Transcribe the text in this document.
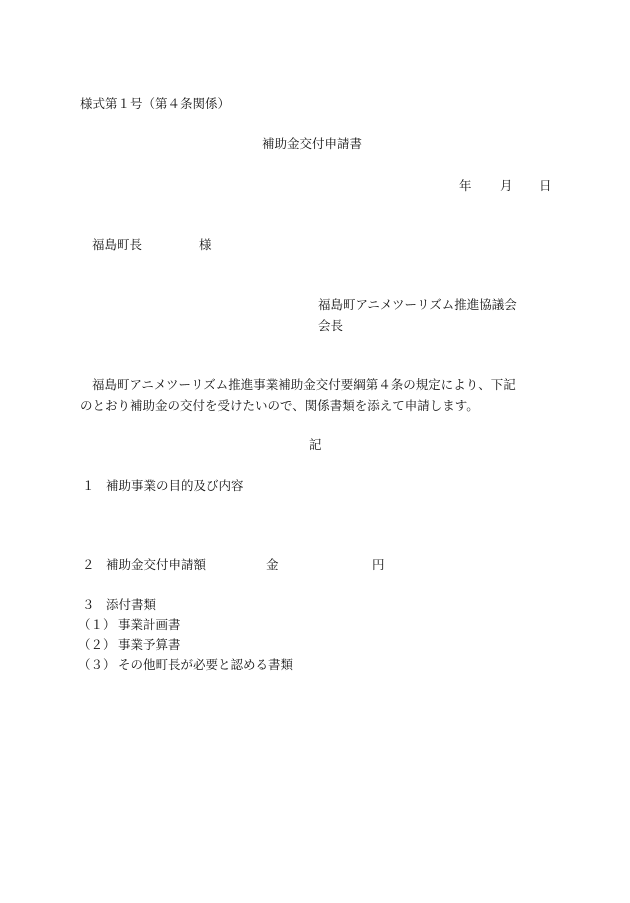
様式第１号（第４条関係）
補助金交付申請書
年 月 日
福島町長	様
福島町アニメツーリズム推進協議会
会長
福島町アニメツーリズム推進事業補助金交付要綱第４条の規定により、下記
のとおり補助金の交付を受けたいので、関係書類を添えて申請します。
記
１ 補助事業の目的及び内容
２ 補助金交付申請額	金	円
３ 添付書類
（１） 事業計画書
（２） 事業予算書
（３） その他町長が必要と認める書類
